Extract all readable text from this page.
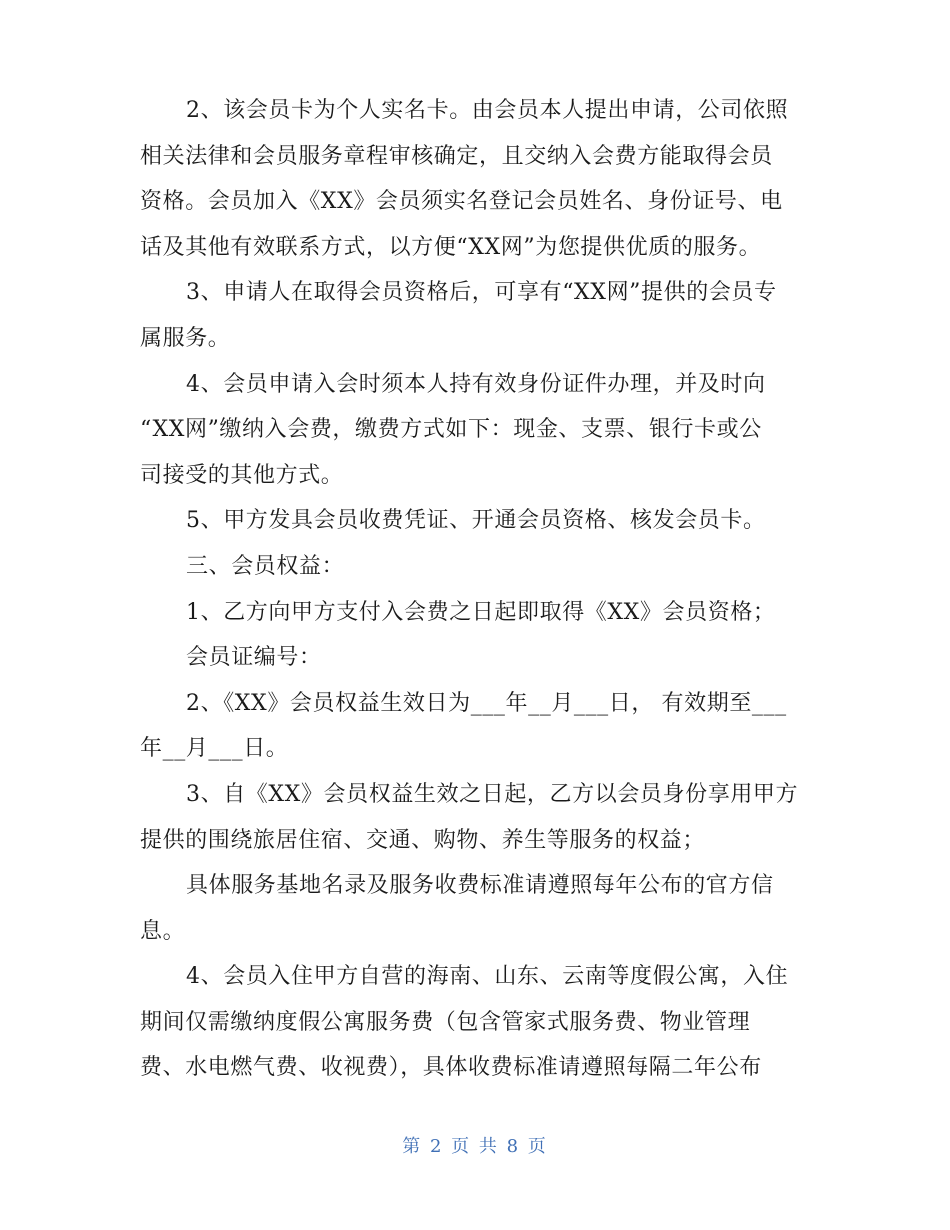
2、该会员卡为个人实名卡。由会员本人提出申请，公司依照
相关法律和会员服务章程审核确定，且交纳入会费方能取得会员
资格。会员加入《XX》会员须实名登记会员姓名、身份证号、电
话及其他有效联系方式，以方便“XX网”为您提供优质的服务。
3、申请人在取得会员资格后，可享有“XX网”提供的会员专
属服务。
4、会员申请入会时须本人持有效身份证件办理，并及时向
“XX网”缴纳入会费，缴费方式如下：现金、支票、银行卡或公
司接受的其他方式。
5、甲方发具会员收费凭证、开通会员资格、核发会员卡。
三、会员权益：
1、乙方向甲方支付入会费之日起即取得《XX》会员资格；
会员证编号：
2、《XX》会员权益生效日为___年__月___日， 有效期至___
年__月___日。
3、自《XX》会员权益生效之日起，乙方以会员身份享用甲方
提供的围绕旅居住宿、交通、购物、养生等服务的权益；
具体服务基地名录及服务收费标准请遵照每年公布的官方信
息。
4、会员入住甲方自营的海南、山东、云南等度假公寓，入住
期间仅需缴纳度假公寓服务费（包含管家式服务费、物业管理
费、水电燃气费、收视费），具体收费标准请遵照每隔二年公布
第 2 页 共 8 页
